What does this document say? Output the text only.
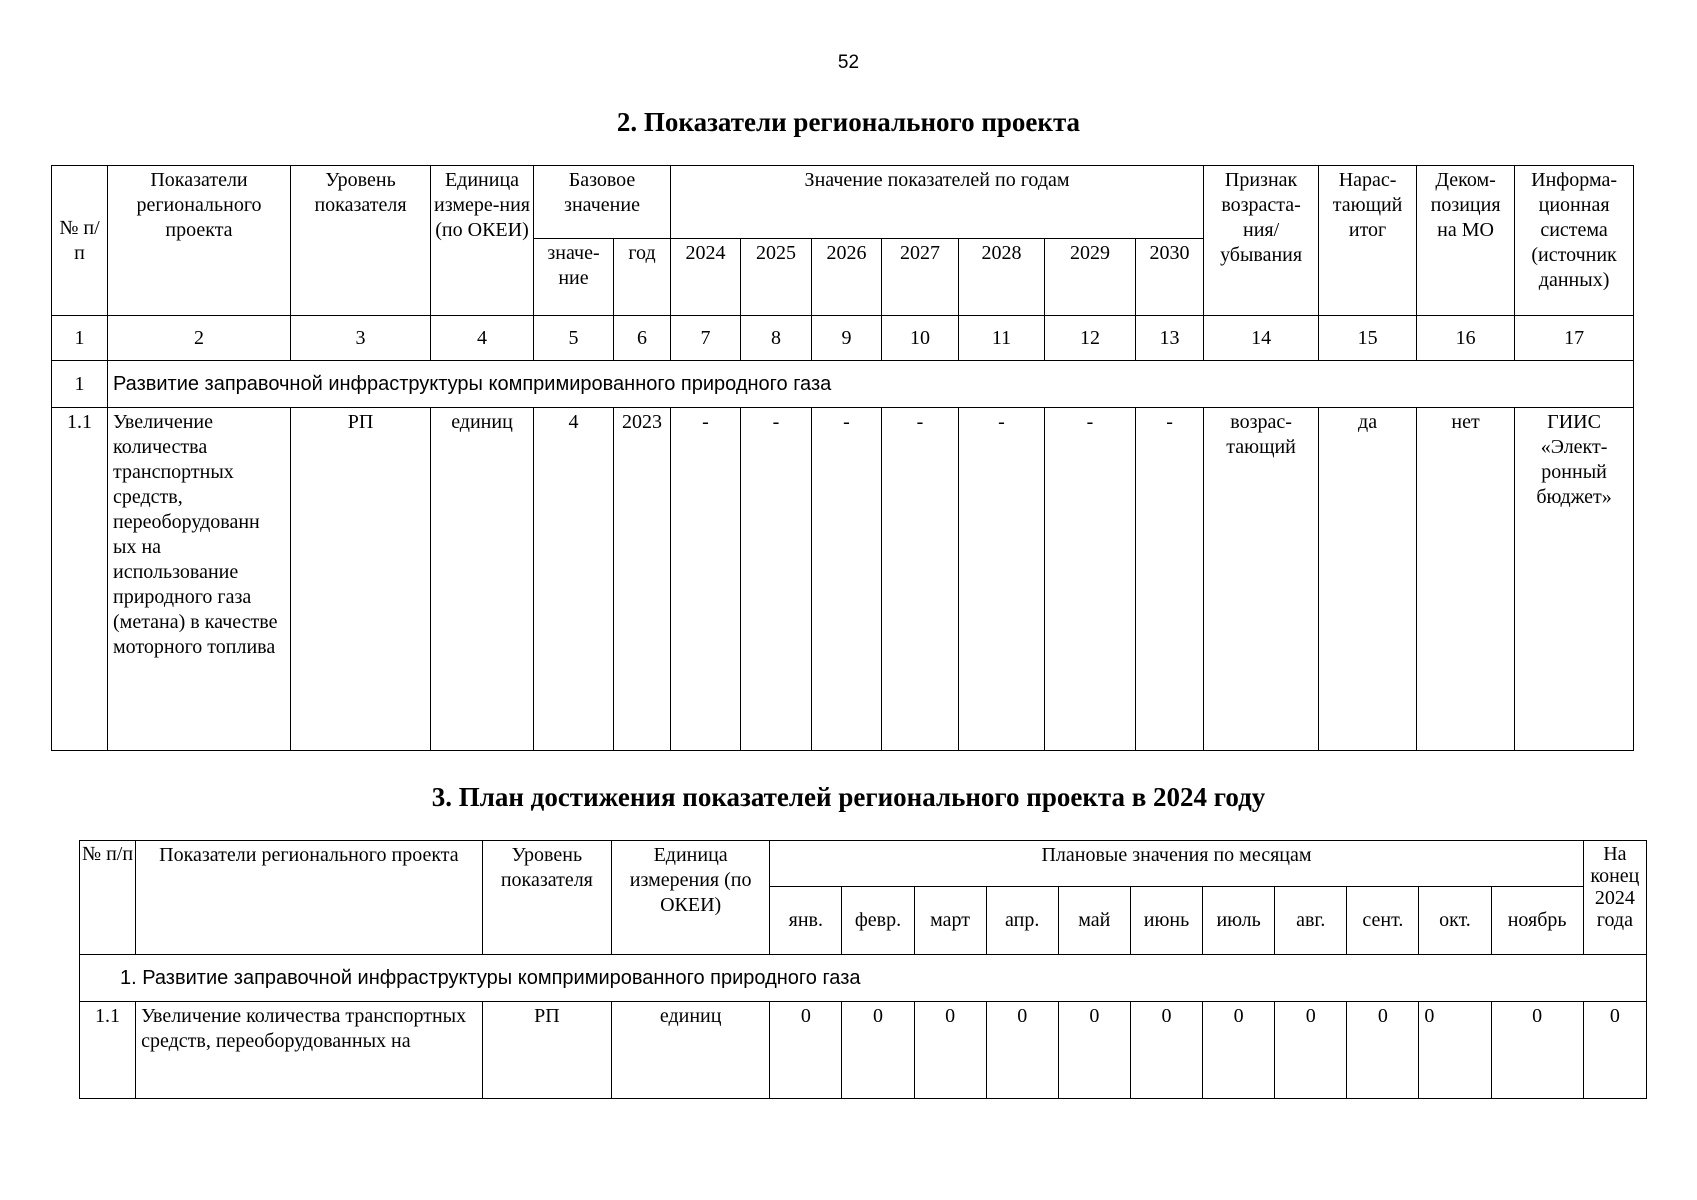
52
2. Показатели регионального проекта
№ п/п	Показатели регионального проекта	Уровень показателя	Единица измере-ния (по ОКЕИ)	Базовое значение		Значение показателей по годам							Признак возраста-ния/ убывания	Нарас-тающий итог	Деком-позиция на МО	Информа-ционная система (источник данных)
				значе-ние	год	2024	2025	2026	2027	2028	2029	2030				
1	2	3	4	5	6	7	8	9	10	11	12	13	14	15	16	17
1	Развитие заправочной инфраструктуры компримированного природного газа															
1.1	Увеличение количества транспортных средств, переоборудованн ых на использование природного газа (метана) в качестве моторного топлива	РП	единиц	4	2023	-	-	-	-	-	-	-	возрас-тающий	да	нет	ГИИС «Элект-ронный бюджет»
3. План достижения показателей регионального проекта в 2024 году
№ п/п	Показатели регионального проекта	Уровень показателя	Единица измерения (по ОКЕИ)	Плановые значения по месяцам											На конец 2024 года
				янв.	февр.	март	апр.	май	июнь	июль	авг.	сент.	окт.	ноябрь	
1. Развитие заправочной инфраструктуры компримированного природного газа															
1.1	Увеличение количества транспортных средств, переоборудованных на	РП	единиц	0	0	0	0	0	0	0	0	0	0	0	0
